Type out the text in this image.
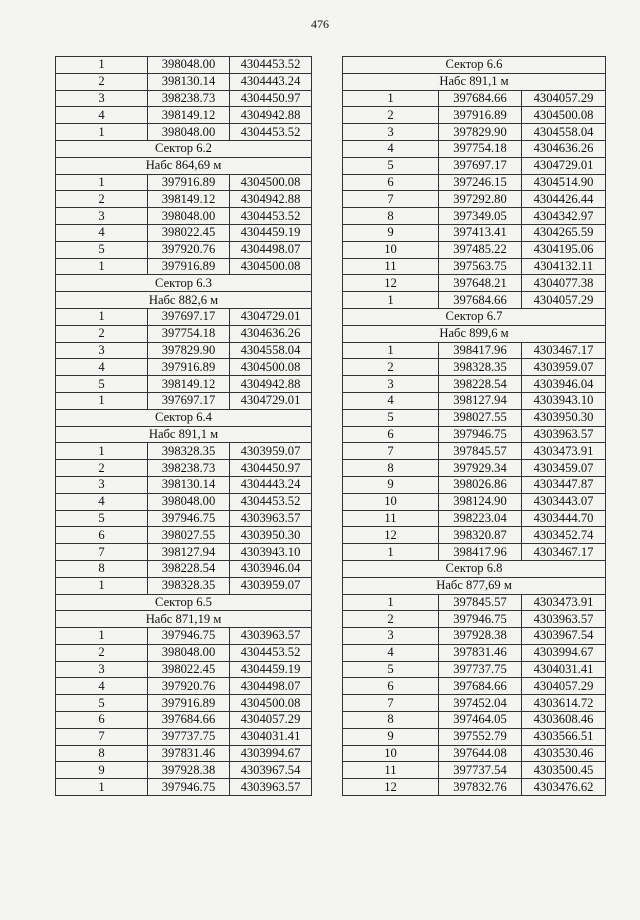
476
1	398048.00	4304453.52
2	398130.14	4304443.24
3	398238.73	4304450.97
4	398149.12	4304942.88
1	398048.00	4304453.52
Сектор 6.2		
Набс 864,69 м		
1	397916.89	4304500.08
2	398149.12	4304942.88
3	398048.00	4304453.52
4	398022.45	4304459.19
5	397920.76	4304498.07
1	397916.89	4304500.08
Сектор 6.3		
Набс 882,6 м		
1	397697.17	4304729.01
2	397754.18	4304636.26
3	397829.90	4304558.04
4	397916.89	4304500.08
5	398149.12	4304942.88
1	397697.17	4304729.01
Сектор 6.4		
Набс 891,1 м		
1	398328.35	4303959.07
2	398238.73	4304450.97
3	398130.14	4304443.24
4	398048.00	4304453.52
5	397946.75	4303963.57
6	398027.55	4303950.30
7	398127.94	4303943.10
8	398228.54	4303946.04
1	398328.35	4303959.07
Сектор 6.5		
Набс 871,19 м		
1	397946.75	4303963.57
2	398048.00	4304453.52
3	398022.45	4304459.19
4	397920.76	4304498.07
5	397916.89	4304500.08
6	397684.66	4304057.29
7	397737.75	4304031.41
8	397831.46	4303994.67
9	397928.38	4303967.54
1	397946.75	4303963.57
Сектор 6.6		
Набс 891,1 м		
1	397684.66	4304057.29
2	397916.89	4304500.08
3	397829.90	4304558.04
4	397754.18	4304636.26
5	397697.17	4304729.01
6	397246.15	4304514.90
7	397292.80	4304426.44
8	397349.05	4304342.97
9	397413.41	4304265.59
10	397485.22	4304195.06
11	397563.75	4304132.11
12	397648.21	4304077.38
1	397684.66	4304057.29
Сектор 6.7		
Набс 899,6 м		
1	398417.96	4303467.17
2	398328.35	4303959.07
3	398228.54	4303946.04
4	398127.94	4303943.10
5	398027.55	4303950.30
6	397946.75	4303963.57
7	397845.57	4303473.91
8	397929.34	4303459.07
9	398026.86	4303447.87
10	398124.90	4303443.07
11	398223.04	4303444.70
12	398320.87	4303452.74
1	398417.96	4303467.17
Сектор 6.8		
Набс 877,69 м		
1	397845.57	4303473.91
2	397946.75	4303963.57
3	397928.38	4303967.54
4	397831.46	4303994.67
5	397737.75	4304031.41
6	397684.66	4304057.29
7	397452.04	4303614.72
8	397464.05	4303608.46
9	397552.79	4303566.51
10	397644.08	4303530.46
11	397737.54	4303500.45
12	397832.76	4303476.62
